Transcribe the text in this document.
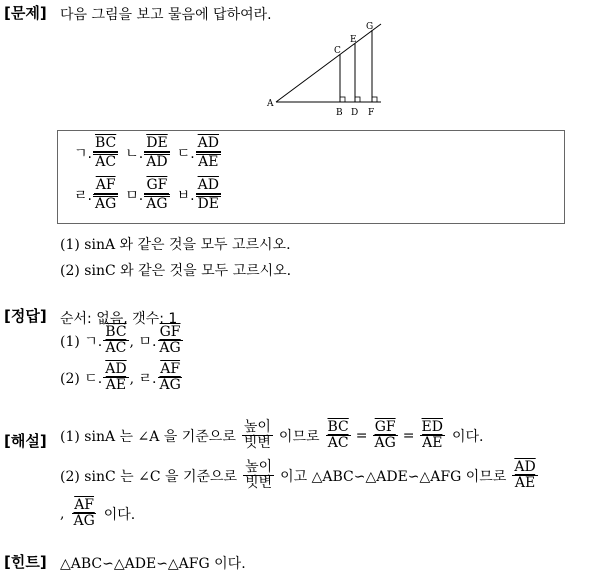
[문제] 다음 그림을 보고 물음에 답하여라.
A
B
C
D
E
F
G
ㄱ. $\frac{\overline{BC}}{AC}$ ㄴ. $\frac{\overline{DE}}{AD}$ ㄷ. $\frac{\overline{AD}}{AE}$
ㄹ. $\frac{\overline{AF}}{AG}$ ㅁ. $\frac{\overline{GF}}{AG}$ ㅂ. $\frac{\overline{AD}}{DE}$
(1) sinA 와 같은 것을 모두 고르시오.
(2) sinC 와 같은 것을 모두 고르시오.
[정답] 순서: 없음, 갯수: 1
(1) ㄱ. $\frac{\overline{BC}}{AC}$ , ㅁ. $\frac{\overline{GF}}{AG}$
(2) ㄷ. $\frac{\overline{AD}}{AE}$ , ㄹ. $\frac{\overline{AF}}{AG}$
[해설] (1) sinA 는 ∠A 을 기준으로 $\frac{\text{높이}}{\text{빗변}}$ 이므로 $\frac{\overline{BC}}{AC} = \frac{\overline{GF}}{AG} = \frac{\overline{ED}}{AE}$ 이다.
(2) sinC 는 ∠C 을 기준으로 $\frac{\text{높이}}{\text{빗변}}$ 이고 △ABC∽△ADE∽△AFG 이므로 $\frac{\overline{AD}}{AE}$
, $\frac{\overline{AF}}{AG}$ 이다.
[힌트] △ABC∽△ADE∽△AFG 이다.
